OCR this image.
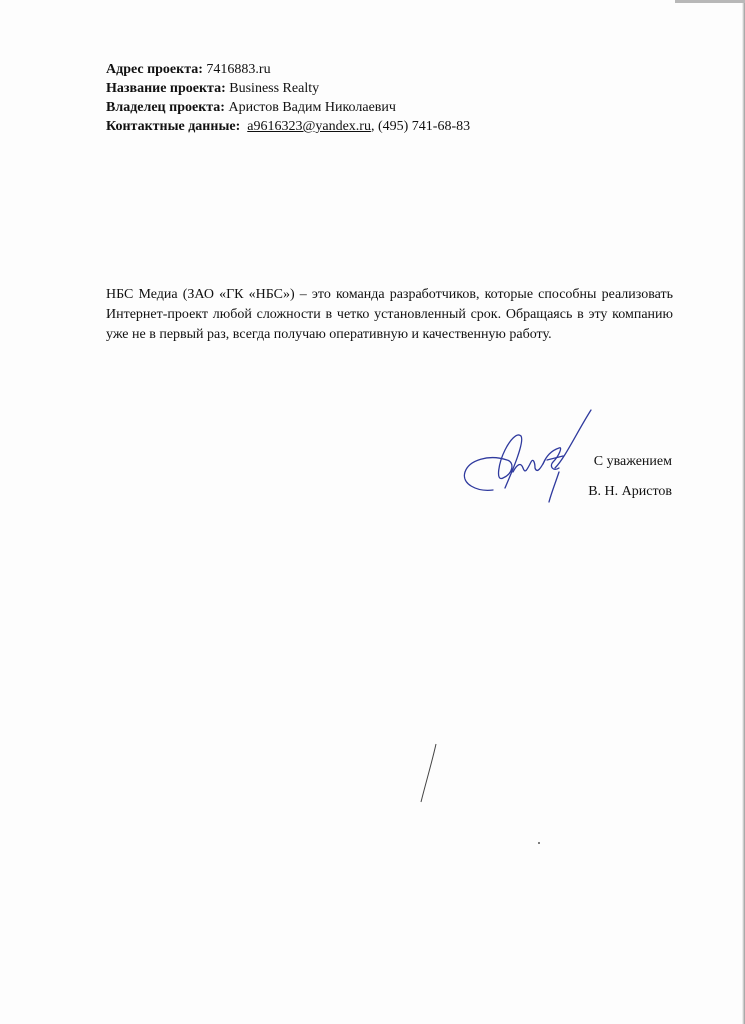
Адрес проекта: 7416883.ru
Название проекта: Business Realty
Владелец проекта: Аристов Вадим Николаевич
Контактные данные: a9616323@yandex.ru, (495) 741-68-83
НБС Медиа (ЗАО «ГК «НБС») – это команда разработчиков, которые способны реализовать Интернет-проект любой сложности в четко установленный срок. Обращаясь в эту компанию уже не в первый раз, всегда получаю оперативную и качественную работу.
С уважением
В. Н. Аристов
